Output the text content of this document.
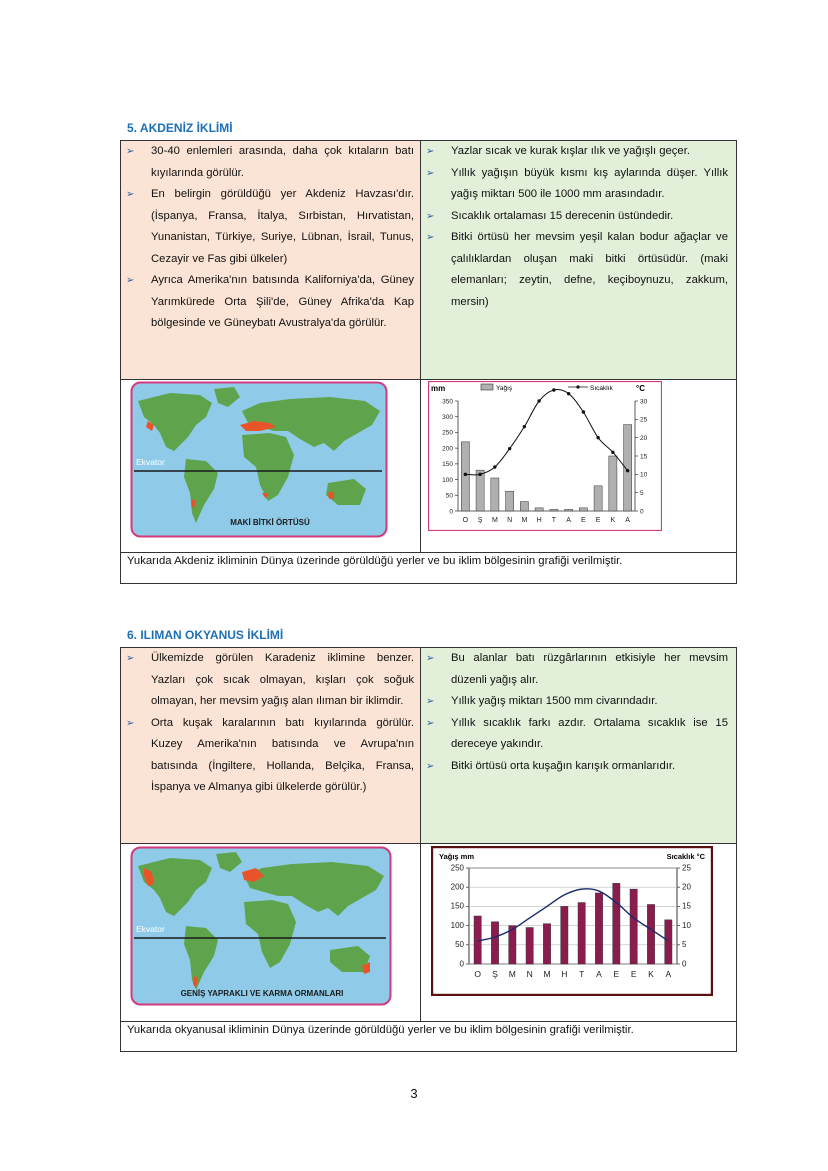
5. AKDENİZ İKLİMİ
➢ 30-40 enlemleri arasında, daha çok kıtaların batı kıyılarında görülür.
➢ En belirgin görüldüğü yer Akdeniz Havzası'dır. (İspanya, Fransa, İtalya, Sırbistan, Hırvatistan, Yunanistan, Türkiye, Suriye, Lübnan, İsrail, Tunus, Cezayir ve Fas gibi ülkeler)
➢ Ayrıca Amerika'nın batısında Kaliforniya'da, Güney Yarımkürede Orta Şili'de, Güney Afrika'da Kap bölgesinde ve Güneybatı Avustralya'da görülür.
➢ Yazlar sıcak ve kurak kışlar ılık ve yağışlı geçer.
➢ Yıllık yağışın büyük kısmı kış aylarında düşer. Yıllık yağış miktarı 500 ile 1000 mm arasındadır.
➢ Sıcaklık ortalaması 15 derecenin üstündedir.
➢ Bitki örtüsü her mevsim yeşil kalan bodur ağaçlar ve çalılıklardan oluşan maki bitki örtüsüdür. (maki elemanları; zeytin, defne, keçiboynuzu, zakkum, mersin)
Ekvator
MAKİ BİTKİ ÖRTÜSÜ
mm	Yağış	Sıcaklık	°C
0
50
100
150
200
250
300
350
0
5
10
15
20
25
30
O Ş M N M H T A E E K A
Yukarıda Akdeniz ikliminin Dünya üzerinde görüldüğü yerler ve bu iklim bölgesinin grafiği verilmiştir.
6. ILIMAN OKYANUS İKLİMİ
➢ Ülkemizde görülen Karadeniz iklimine benzer. Yazları çok sıcak olmayan, kışları çok soğuk olmayan, her mevsim yağış alan ılıman bir iklimdir.
➢ Orta kuşak karalarının batı kıyılarında görülür. Kuzey Amerika'nın batısında ve Avrupa'nın batısında (İngiltere, Hollanda, Belçika, Fransa, İspanya ve Almanya gibi ülkelerde görülür.)
➢ Bu alanlar batı rüzgârlarının etkisiyle her mevsim düzenli yağış alır.
➢ Yıllık yağış miktarı 1500 mm civarındadır.
➢ Yıllık sıcaklık farkı azdır. Ortalama sıcaklık ise 15 dereceye yakındır.
➢ Bitki örtüsü orta kuşağın karışık ormanlarıdır.
Ekvator
GENİŞ YAPRAKLI VE KARMA ORMANLARI
Yağış mm	Sıcaklık °C
0
50
100
150
200
250
0
5
10
15
20
25
O Ş M N M H T A E E K A
Yukarıda okyanusal ikliminin Dünya üzerinde görüldüğü yerler ve bu iklim bölgesinin grafiği verilmiştir.
3
